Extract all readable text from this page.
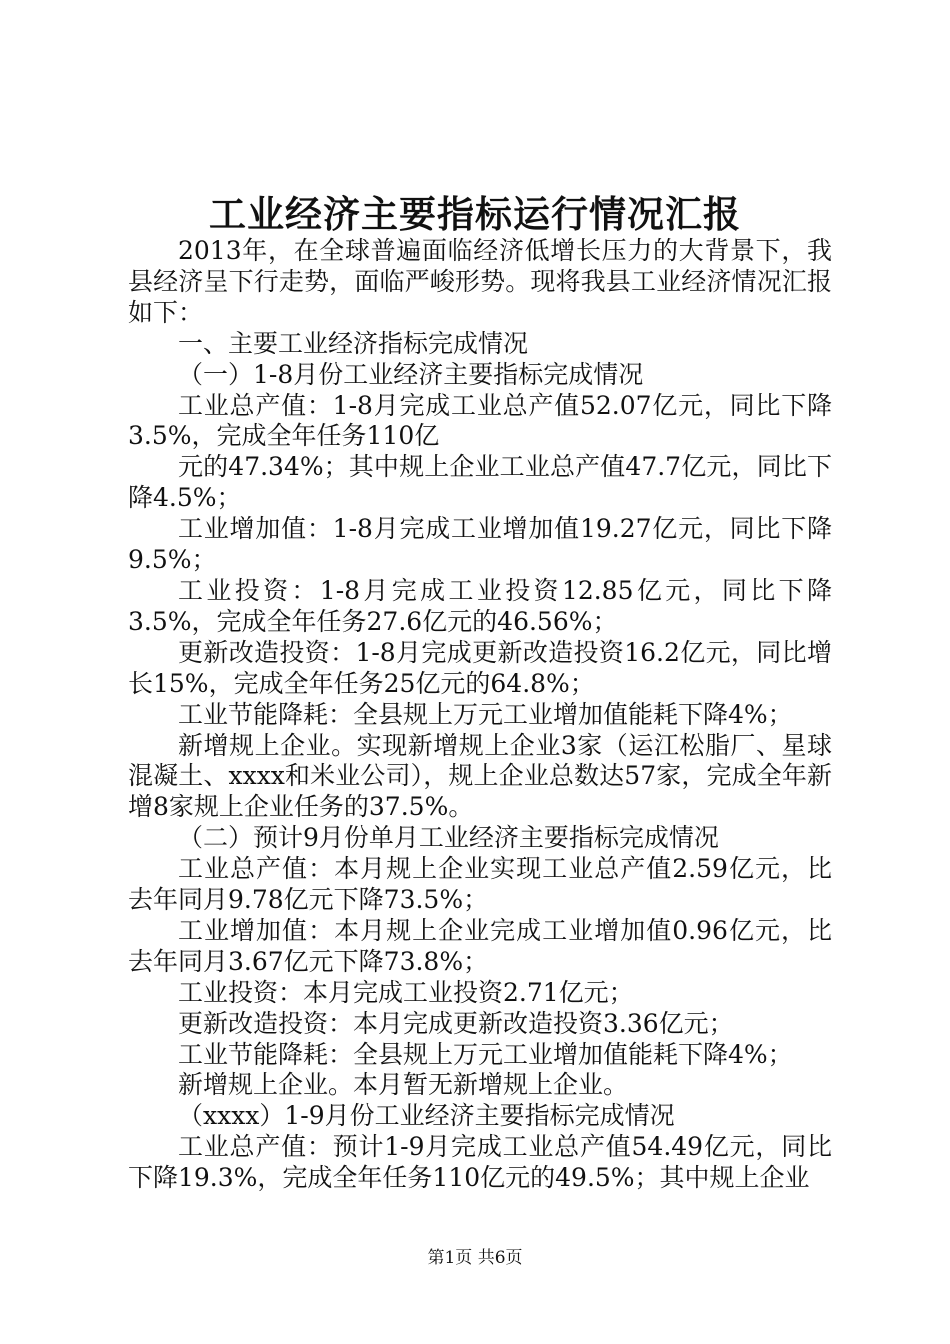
工业经济主要指标运行情况汇报

2013年，在全球普遍面临经济低增长压力的大背景下，我县经济呈下行走势，面临严峻形势。现将我县工业经济情况汇报如下：

一、主要工业经济指标完成情况

（一）1-8月份工业经济主要指标完成情况

工业总产值：1-8月完成工业总产值52.07亿元，同比下降3.5%，完成全年任务110亿

元的47.34%；其中规上企业工业总产值47.7亿元，同比下降4.5%；

工业增加值：1-8月完成工业增加值19.27亿元，同比下降9.5%；

工业投资：1-8月完成工业投资12.85亿元，同比下降3.5%，完成全年任务27.6亿元的46.56%；

更新改造投资：1-8月完成更新改造投资16.2亿元，同比增长15%，完成全年任务25亿元的64.8%；

工业节能降耗：全县规上万元工业增加值能耗下降4%；

新增规上企业。实现新增规上企业3家（运江松脂厂、星球混凝土、xxxx和米业公司），规上企业总数达57家，完成全年新增8家规上企业任务的37.5%。

（二）预计9月份单月工业经济主要指标完成情况

工业总产值：本月规上企业实现工业总产值2.59亿元，比去年同月9.78亿元下降73.5%；

工业增加值：本月规上企业完成工业增加值0.96亿元，比去年同月3.67亿元下降73.8%；

工业投资：本月完成工业投资2.71亿元；

更新改造投资：本月完成更新改造投资3.36亿元；

工业节能降耗：全县规上万元工业增加值能耗下降4%；

新增规上企业。本月暂无新增规上企业。

（xxxx）1-9月份工业经济主要指标完成情况

工业总产值：预计1-9月完成工业总产值54.49亿元，同比下降19.3%，完成全年任务110亿元的49.5%；其中规上企业

第1页 共6页
